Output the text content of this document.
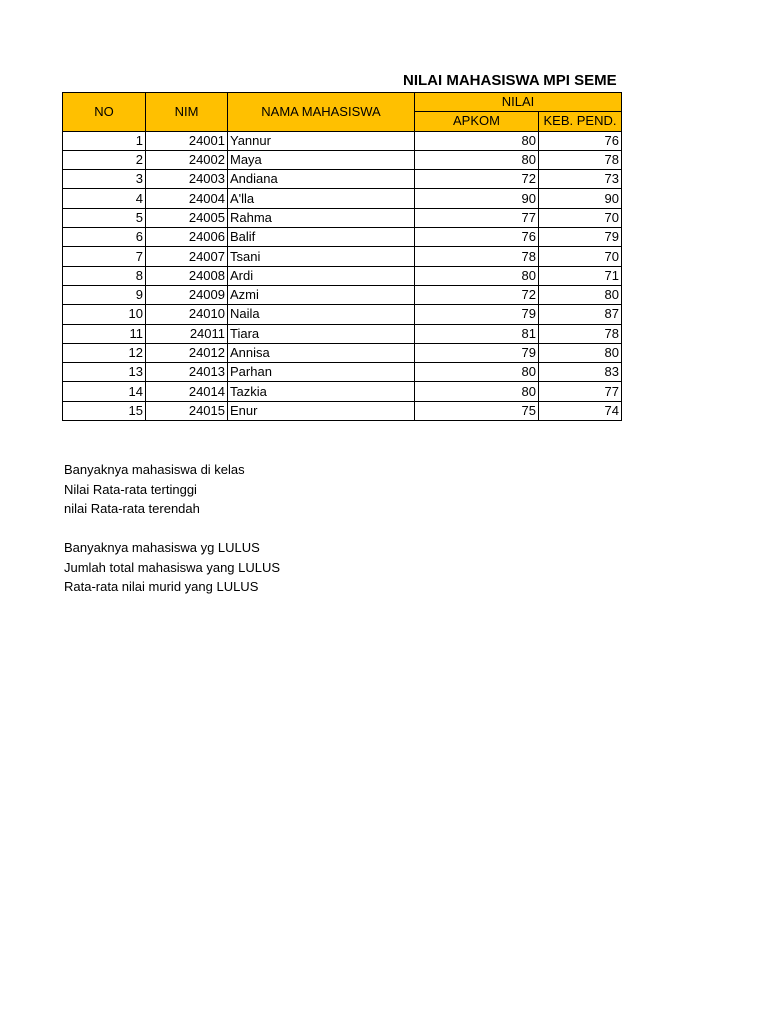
NILAI MAHASISWA MPI SEME
NO	NIM	NAMA MAHASISWA	NILAI	
			APKOM	KEB. PEND.
1	24001	Yannur	80	76
2	24002	Maya	80	78
3	24003	Andiana	72	73
4	24004	A'lla	90	90
5	24005	Rahma	77	70
6	24006	Balif	76	79
7	24007	Tsani	78	70
8	24008	Ardi	80	71
9	24009	Azmi	72	80
10	24010	Naila	79	87
11	24011	Tiara	81	78
12	24012	Annisa	79	80
13	24013	Parhan	80	83
14	24014	Tazkia	80	77
15	24015	Enur	75	74
Banyaknya mahasiswa di kelas
Nilai Rata-rata tertinggi
nilai Rata-rata terendah
Banyaknya mahasiswa yg LULUS
Jumlah total mahasiswa yang LULUS
Rata-rata nilai murid yang LULUS
